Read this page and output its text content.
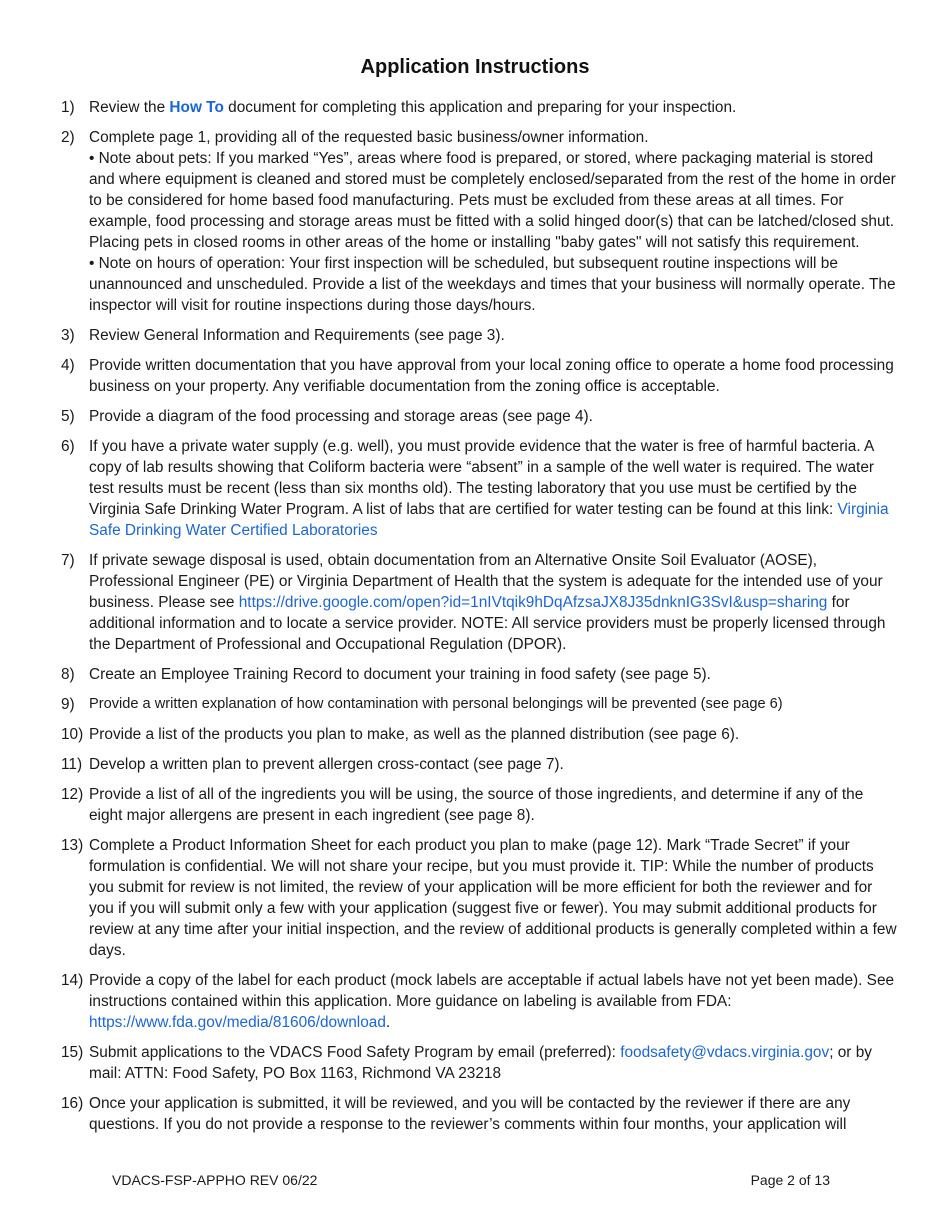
Application Instructions
1) Review the How To document for completing this application and preparing for your inspection.
2) Complete page 1, providing all of the requested basic business/owner information.

• Note about pets: If you marked “Yes”, areas where food is prepared, or stored, where packaging material is stored and where equipment is cleaned and stored must be completely enclosed/separated from the rest of the home in order to be considered for home based food manufacturing. Pets must be excluded from these areas at all times. For example, food processing and storage areas must be fitted with a solid hinged door(s) that can be latched/closed shut. Placing pets in closed rooms in other areas of the home or installing "baby gates" will not satisfy this requirement.

• Note on hours of operation: Your first inspection will be scheduled, but subsequent routine inspections will be unannounced and unscheduled. Provide a list of the weekdays and times that your business will normally operate. The inspector will visit for routine inspections during those days/hours.

3) Review General Information and Requirements (see page 3).
4) Provide written documentation that you have approval from your local zoning office to operate a home food processing business on your property. Any verifiable documentation from the zoning office is acceptable.
5) Provide a diagram of the food processing and storage areas (see page 4).
6) If you have a private water supply (e.g. well), you must provide evidence that the water is free of harmful bacteria. A copy of lab results showing that Coliform bacteria were “absent” in a sample of the well water is required. The water test results must be recent (less than six months old). The testing laboratory that you use must be certified by the Virginia Safe Drinking Water Program. A list of labs that are certified for water testing can be found at this link: Virginia Safe Drinking Water Certified Laboratories
7) If private sewage disposal is used, obtain documentation from an Alternative Onsite Soil Evaluator (AOSE), Professional Engineer (PE) or Virginia Department of Health that the system is adequate for the intended use of your business. Please see https://drive.google.com/open?id=1nIVtqik9hDqAfzsaJX8J35dnknIG3SvI&usp=sharing for additional information and to locate a service provider. NOTE: All service providers must be properly licensed through the Department of Professional and Occupational Regulation (DPOR).
8) Create an Employee Training Record to document your training in food safety (see page 5).
9) Provide a written explanation of how contamination with personal belongings will be prevented (see page 6)
10) Provide a list of the products you plan to make, as well as the planned distribution (see page 6).
11) Develop a written plan to prevent allergen cross-contact (see page 7).
12) Provide a list of all of the ingredients you will be using, the source of those ingredients, and determine if any of the eight major allergens are present in each ingredient (see page 8).
13) Complete a Product Information Sheet for each product you plan to make (page 12). Mark “Trade Secret” if your formulation is confidential. We will not share your recipe, but you must provide it. TIP: While the number of products you submit for review is not limited, the review of your application will be more efficient for both the reviewer and for you if you will submit only a few with your application (suggest five or fewer). You may submit additional products for review at any time after your initial inspection, and the review of additional products is generally completed within a few days.
14) Provide a copy of the label for each product (mock labels are acceptable if actual labels have not yet been made). See instructions contained within this application. More guidance on labeling is available from FDA: https://www.fda.gov/media/81606/download.
15) Submit applications to the VDACS Food Safety Program by email (preferred): foodsafety@vdacs.virginia.gov; or by mail: ATTN: Food Safety, PO Box 1163, Richmond VA 23218
16) Once your application is submitted, it will be reviewed, and you will be contacted by the reviewer if there are any questions. If you do not provide a response to the reviewer’s comments within four months, your application will
VDACS-FSP-APPHO REV 06/22	Page 2 of 13
